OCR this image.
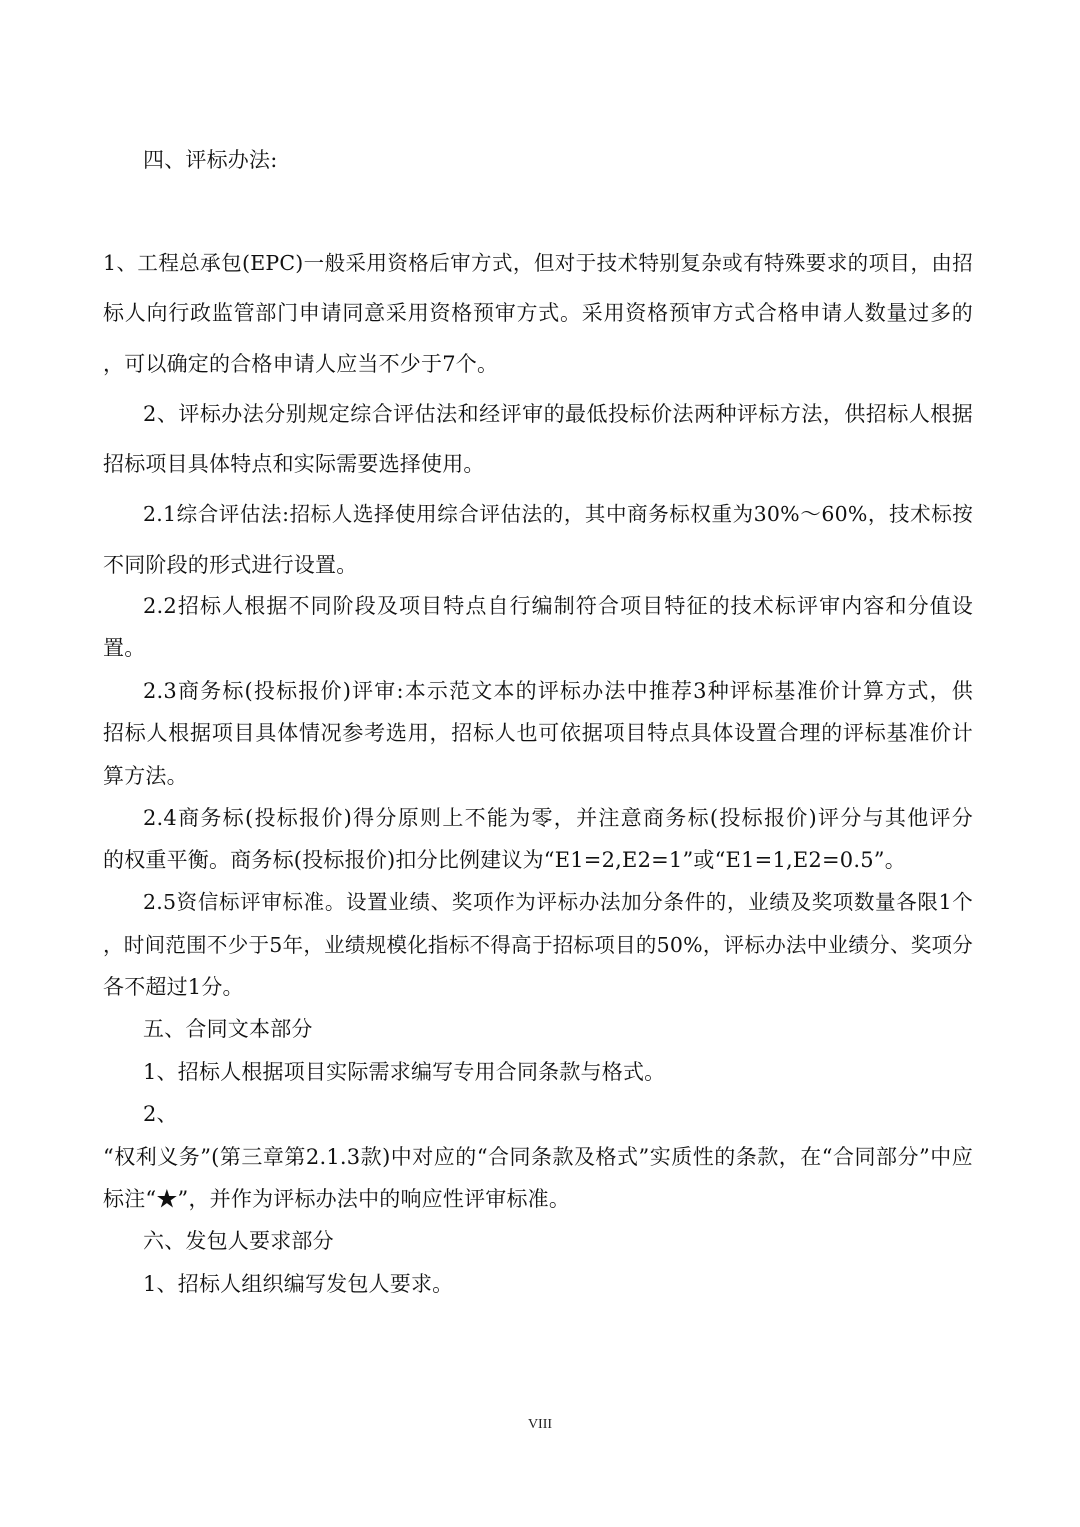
四、评标办法:
1、工程总承包(EPC)一般采用资格后审方式，但对于技术特别复杂或有特殊要求的项目，由招
标人向行政监管部门申请同意采用资格预审方式。采用资格预审方式合格申请人数量过多的
，可以确定的合格申请人应当不少于7个。
2、评标办法分别规定综合评估法和经评审的最低投标价法两种评标方法，供招标人根据
招标项目具体特点和实际需要选择使用。
2.1综合评估法:招标人选择使用综合评估法的，其中商务标权重为30%～60%，技术标按
不同阶段的形式进行设置。
2.2招标人根据不同阶段及项目特点自行编制符合项目特征的技术标评审内容和分值设
置。
2.3商务标(投标报价)评审:本示范文本的评标办法中推荐3种评标基准价计算方式，供
招标人根据项目具体情况参考选用，招标人也可依据项目特点具体设置合理的评标基准价计
算方法。
2.4商务标(投标报价)得分原则上不能为零，并注意商务标(投标报价)评分与其他评分
的权重平衡。商务标(投标报价)扣分比例建议为“E1=2,E2=1”或“E1=1,E2=0.5”。
2.5资信标评审标准。设置业绩、奖项作为评标办法加分条件的，业绩及奖项数量各限1个
，时间范围不少于5年，业绩规模化指标不得高于招标项目的50%，评标办法中业绩分、奖项分
各不超过1分。
五、合同文本部分
1、招标人根据项目实际需求编写专用合同条款与格式。
2、
“权利义务”(第三章第2.1.3款)中对应的“合同条款及格式”实质性的条款，在“合同部分”中应
标注“★”，并作为评标办法中的响应性评审标准。
六、发包人要求部分
1、招标人组织编写发包人要求。
VIII
